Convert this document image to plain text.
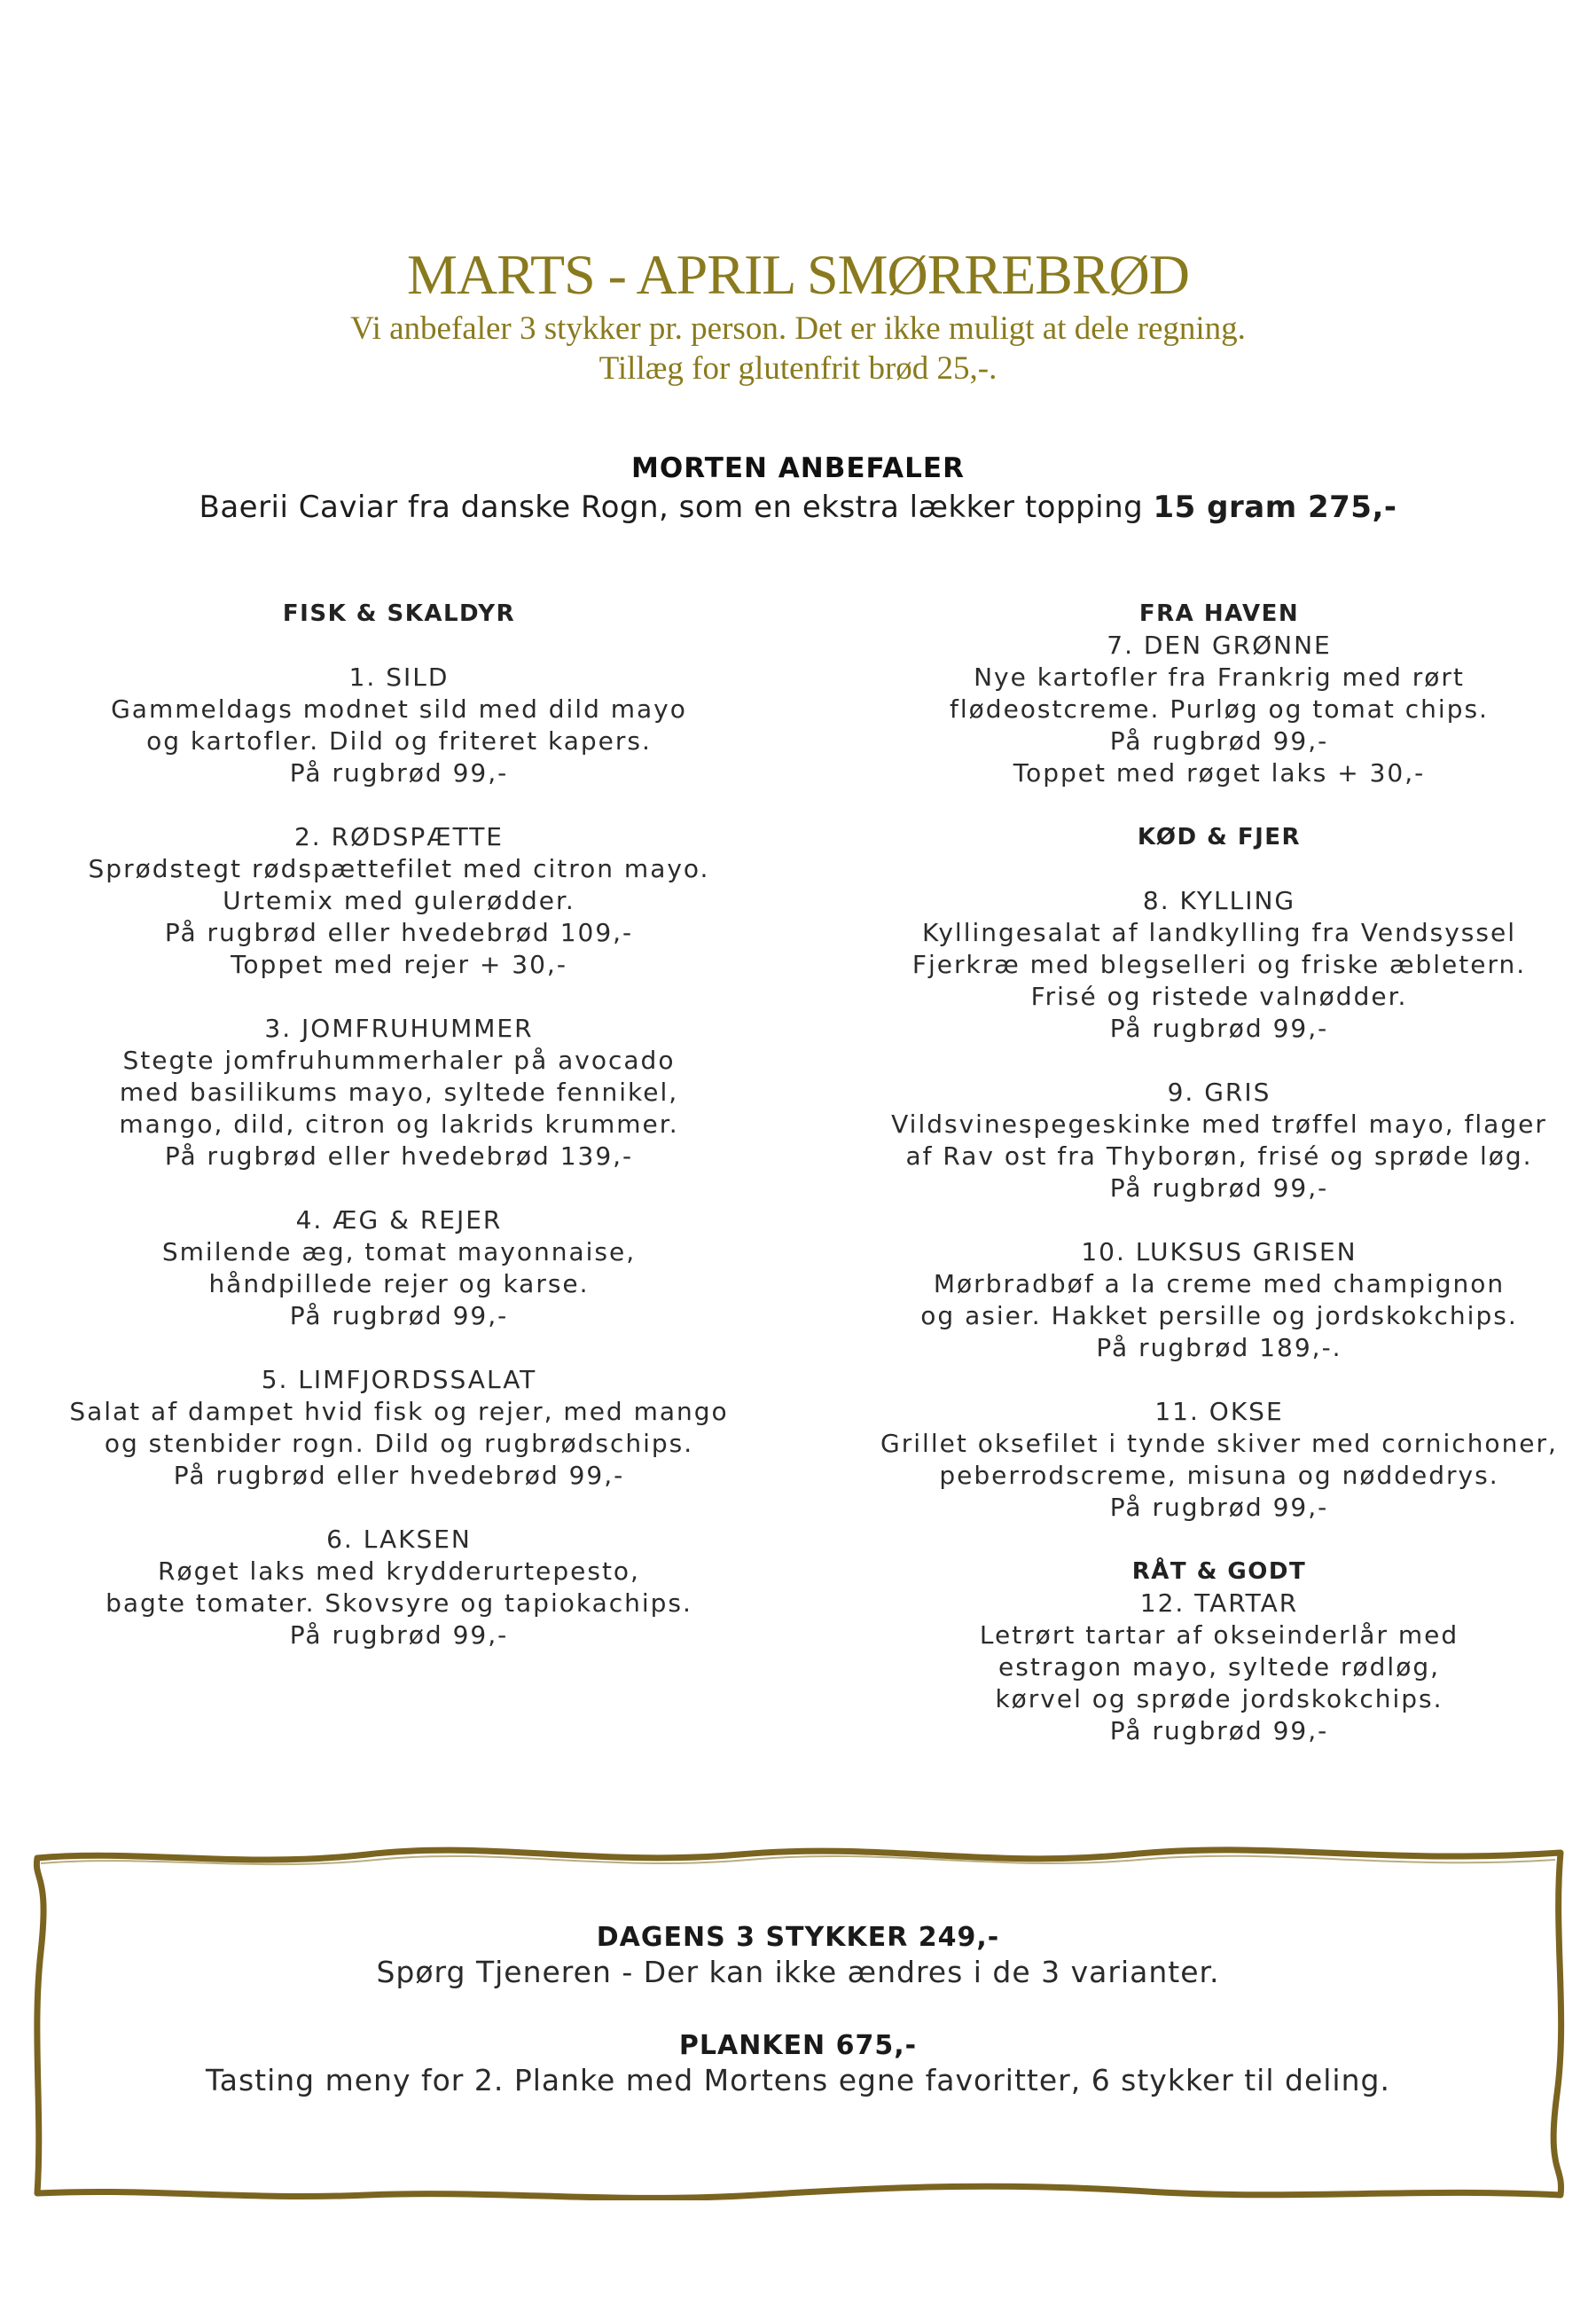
MARTS - APRIL SMØRREBRØD
Vi anbefaler 3 stykker pr. person. Det er ikke muligt at dele regning.
Tillæg for glutenfrit brød 25,-.
MORTEN ANBEFALER
Baerii Caviar fra danske Rogn, som en ekstra lækker topping 15 gram 275,-
FISK & SKALDYR
1. SILD
Gammeldags modnet sild med dild mayo
og kartofler. Dild og friteret kapers.
På rugbrød 99,-
2. RØDSPÆTTE
Sprødstegt rødspættefilet med citron mayo.
Urtemix med gulerødder.
På rugbrød eller hvedebrød 109,-
Toppet med rejer + 30,-
3. JOMFRUHUMMER
Stegte jomfruhummerhaler på avocado
med basilikums mayo, syltede fennikel,
mango, dild, citron og lakrids krummer.
På rugbrød eller hvedebrød 139,-
4. ÆG & REJER
Smilende æg, tomat mayonnaise,
håndpillede rejer og karse.
På rugbrød 99,-
5. LIMFJORDSSALAT
Salat af dampet hvid fisk og rejer, med mango
og stenbider rogn. Dild og rugbrødschips.
På rugbrød eller hvedebrød 99,-
6. LAKSEN
Røget laks med krydderurtepesto,
bagte tomater. Skovsyre og tapiokachips.
På rugbrød 99,-
FRA HAVEN
7. DEN GRØNNE
Nye kartofler fra Frankrig med rørt
flødeostcreme. Purløg og tomat chips.
På rugbrød 99,-
Toppet med røget laks + 30,-
KØD & FJER
8. KYLLING
Kyllingesalat af landkylling fra Vendsyssel
Fjerkræ med blegselleri og friske æbletern.
Frisé og ristede valnødder.
På rugbrød 99,-
9. GRIS
Vildsvinespegeskinke med trøffel mayo, flager
af Rav ost fra Thyborøn, frisé og sprøde løg.
På rugbrød 99,-
10. LUKSUS GRISEN
Mørbradbøf a la creme med champignon
og asier. Hakket persille og jordskokchips.
På rugbrød 189,-.
11. OKSE
Grillet oksefilet i tynde skiver med cornichoner,
peberrodscreme, misuna og nøddedrys.
På rugbrød 99,-
RÅT & GODT
12. TARTAR
Letrørt tartar af okseinderlår med
estragon mayo, syltede rødløg,
kørvel og sprøde jordskokchips.
På rugbrød 99,-
DAGENS 3 STYKKER 249,-
Spørg Tjeneren - Der kan ikke ændres i de 3 varianter.
PLANKEN 675,-
Tasting meny for 2. Planke med Mortens egne favoritter, 6 stykker til deling.
